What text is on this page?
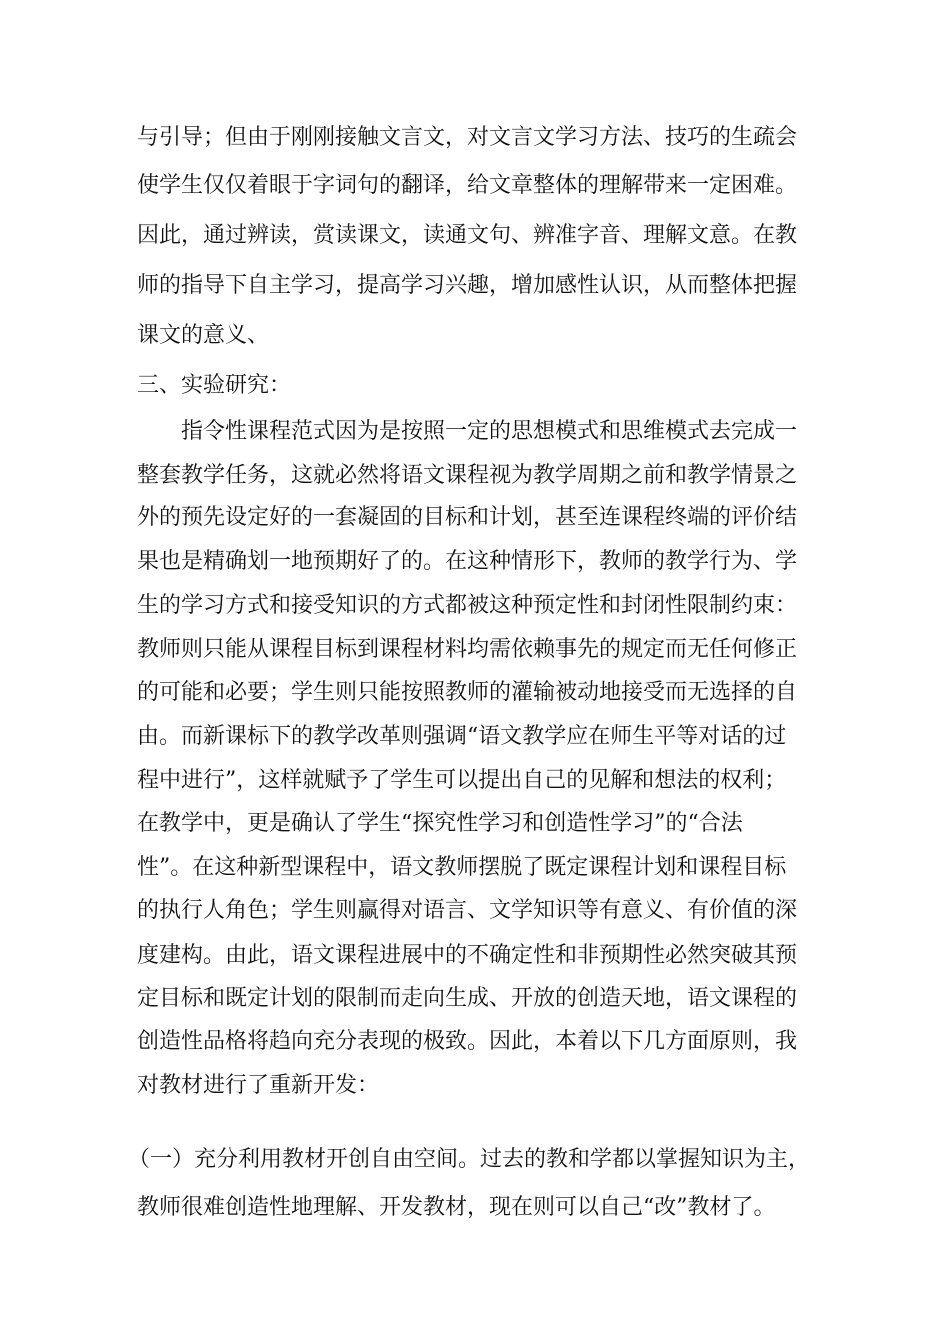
与引导；但由于刚刚接触文言文，对文言文学习方法、技巧的生疏会
使学生仅仅着眼于字词句的翻译，给文章整体的理解带来一定困难。
因此，通过辨读，赏读课文，读通文句、辨准字音、理解文意。在教
师的指导下自主学习，提高学习兴趣，增加感性认识，从而整体把握
课文的意义、
三、实验研究：
指令性课程范式因为是按照一定的思想模式和思维模式去完成一
整套教学任务，这就必然将语文课程视为教学周期之前和教学情景之
外的预先设定好的一套凝固的目标和计划，甚至连课程终端的评价结
果也是精确划一地预期好了的。在这种情形下，教师的教学行为、学
生的学习方式和接受知识的方式都被这种预定性和封闭性限制约束：
教师则只能从课程目标到课程材料均需依赖事先的规定而无任何修正
的可能和必要；学生则只能按照教师的灌输被动地接受而无选择的自
由。而新课标下的教学改革则强调“语文教学应在师生平等对话的过
程中进行”，这样就赋予了学生可以提出自己的见解和想法的权利；
在教学中，更是确认了学生“探究性学习和创造性学习”的“合法
性”。在这种新型课程中，语文教师摆脱了既定课程计划和课程目标
的执行人角色；学生则赢得对语言、文学知识等有意义、有价值的深
度建构。由此，语文课程进展中的不确定性和非预期性必然突破其预
定目标和既定计划的限制而走向生成、开放的创造天地，语文课程的
创造性品格将趋向充分表现的极致。因此，本着以下几方面原则，我
对教材进行了重新开发：
（一）充分利用教材开创自由空间。过去的教和学都以掌握知识为主，
教师很难创造性地理解、开发教材，现在则可以自己“改”教材了。
